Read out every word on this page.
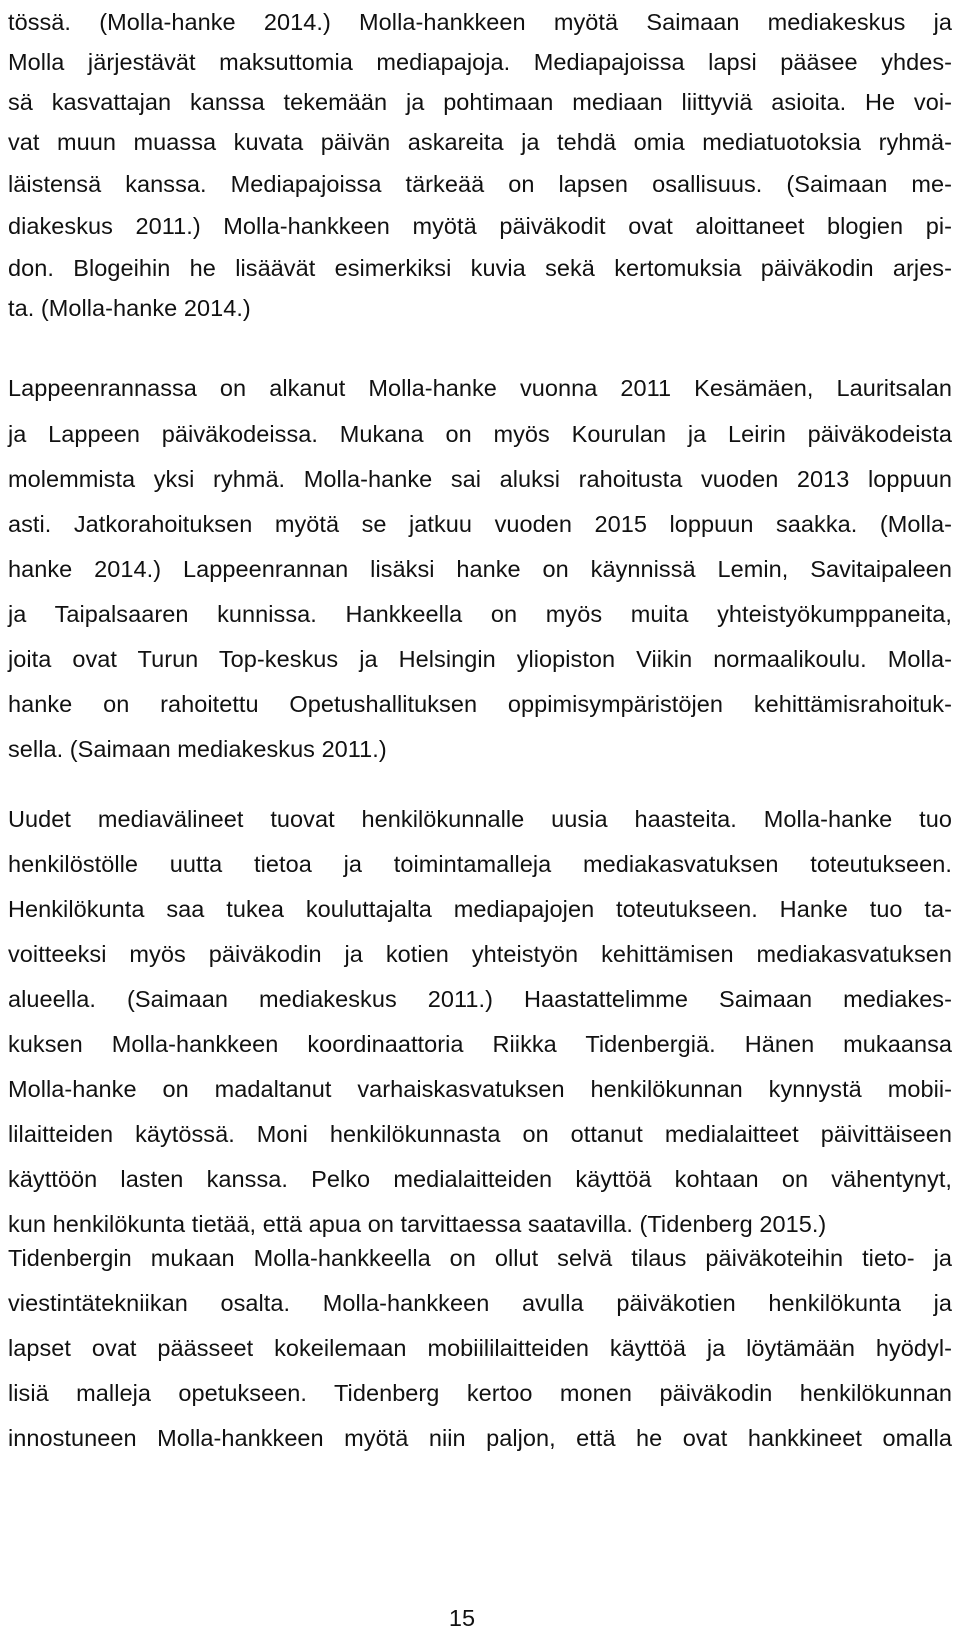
tössä. (Molla-hanke 2014.) Molla-hankkeen myötä Saimaan mediakeskus ja
Molla järjestävät maksuttomia mediapajoja. Mediapajoissa lapsi pääsee yhdes-
sä kasvattajan kanssa tekemään ja pohtimaan mediaan liittyviä asioita. He voi-
vat muun muassa kuvata päivän askareita ja tehdä omia mediatuotoksia ryhmä-
läistensä kanssa. Mediapajoissa tärkeää on lapsen osallisuus. (Saimaan me-
diakeskus 2011.) Molla-hankkeen myötä päiväkodit ovat aloittaneet blogien pi-
don. Blogeihin he lisäävät esimerkiksi kuvia sekä kertomuksia päiväkodin arjes-
ta. (Molla-hanke 2014.)
Lappeenrannassa on alkanut Molla-hanke vuonna 2011 Kesämäen, Lauritsalan
ja Lappeen päiväkodeissa. Mukana on myös Kourulan ja Leirin päiväkodeista
molemmista yksi ryhmä. Molla-hanke sai aluksi rahoitusta vuoden 2013 loppuun
asti. Jatkorahoituksen myötä se jatkuu vuoden 2015 loppuun saakka. (Molla-
hanke 2014.) Lappeenrannan lisäksi hanke on käynnissä Lemin, Savitaipaleen
ja Taipalsaaren kunnissa. Hankkeella on myös muita yhteistyökumppaneita,
joita ovat Turun Top-keskus ja Helsingin yliopiston Viikin normaalikoulu. Molla-
hanke on rahoitettu Opetushallituksen oppimisympäristöjen kehittämisrahoituk-
sella. (Saimaan mediakeskus 2011.)
Uudet mediavälineet tuovat henkilökunnalle uusia haasteita. Molla-hanke tuo
henkilöstölle uutta tietoa ja toimintamalleja mediakasvatuksen toteutukseen.
Henkilökunta saa tukea kouluttajalta mediapajojen toteutukseen. Hanke tuo ta-
voitteeksi myös päiväkodin ja kotien yhteistyön kehittämisen mediakasvatuksen
alueella. (Saimaan mediakeskus 2011.) Haastattelimme Saimaan mediakes-
kuksen Molla-hankkeen koordinaattoria Riikka Tidenbergiä. Hänen mukaansa
Molla-hanke on madaltanut varhaiskasvatuksen henkilökunnan kynnystä mobii-
lilaitteiden käytössä. Moni henkilökunnasta on ottanut medialaitteet päivittäiseen
käyttöön lasten kanssa. Pelko medialaitteiden käyttöä kohtaan on vähentynyt,
kun henkilökunta tietää, että apua on tarvittaessa saatavilla. (Tidenberg 2015.)
Tidenbergin mukaan Molla-hankkeella on ollut selvä tilaus päiväkoteihin tieto- ja
viestintätekniikan osalta. Molla-hankkeen avulla päiväkotien henkilökunta ja
lapset ovat päässeet kokeilemaan mobiililaitteiden käyttöä ja löytämään hyödyl-
lisiä malleja opetukseen. Tidenberg kertoo monen päiväkodin henkilökunnan
innostuneen Molla-hankkeen myötä niin paljon, että he ovat hankkineet omalla
15
